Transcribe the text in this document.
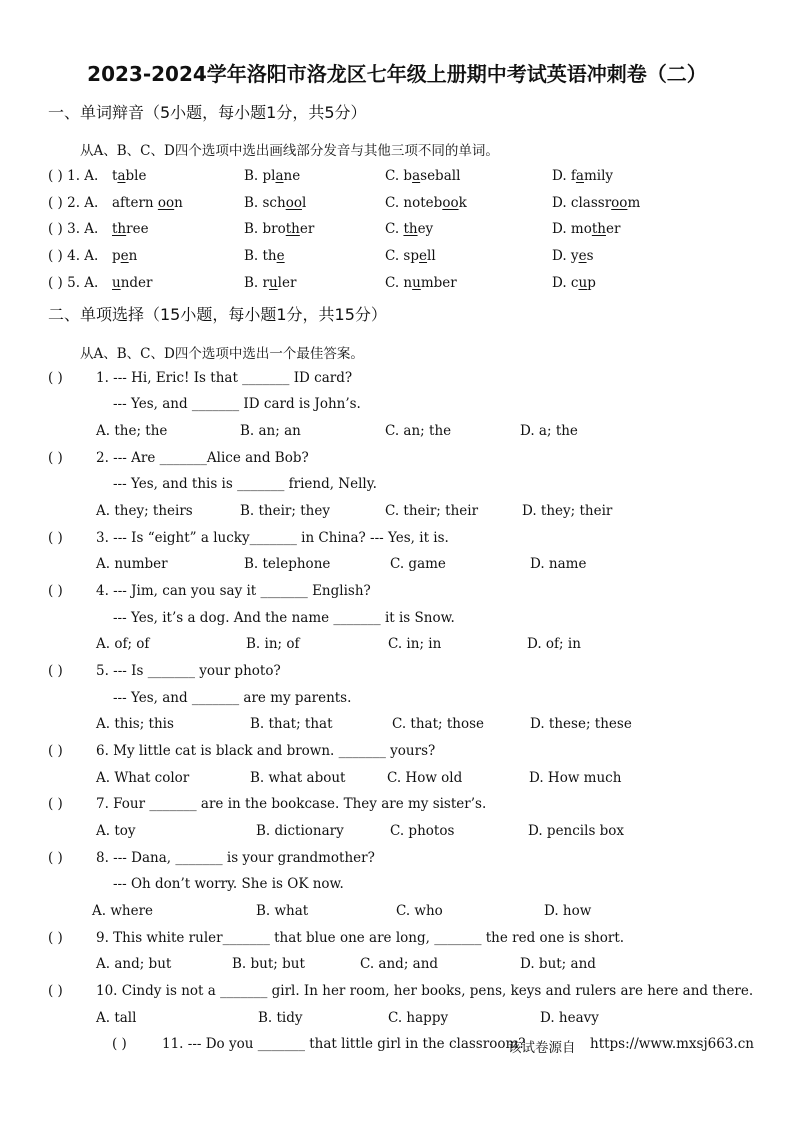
2023-2024学年洛阳市洛龙区七年级上册期中考试英语冲刺卷（二）
一、单词辩音（5小题，每小题1分，共5分）
从A、B、C、D四个选项中选出画线部分发音与其他三项不同的单词。
( ) 1. A. table	B. plane	C. baseball	D. family
( ) 2. A. aftern oon	B. school	C. notebook	D. classroom
( ) 3. A. three	B. brother	C. they	D. mother
( ) 4. A. pen	B. the	C. spell	D. yes
( ) 5. A. under	B. ruler	C. number	D. cup
二、单项选择（15小题，每小题1分，共15分）
从A、B、C、D四个选项中选出一个最佳答案。
( ) 1. --- Hi, Eric! Is that _______ ID card?
--- Yes, and _______ ID card is John’s.
A. the; the	B. an; an	C. an; the	D. a; the
( ) 2. --- Are _______Alice and Bob?
--- Yes, and this is _______ friend, Nelly.
A. they; theirs	B. their; they	C. their; their	D. they; their
( ) 3. --- Is “eight” a lucky_______ in China? --- Yes, it is.
A. number	B. telephone	C. game	D. name
( ) 4. --- Jim, can you say it _______ English?
--- Yes, it’s a dog. And the name _______ it is Snow.
A. of; of	B. in; of	C. in; in	D. of; in
( ) 5. --- Is _______ your photo?
--- Yes, and _______ are my parents.
A. this; this	B. that; that	C. that; those	D. these; these
( ) 6. My little cat is black and brown. _______ yours?
A. What color	B. what about	C. How old	D. How much
( ) 7. Four _______ are in the bookcase. They are my sister’s.
A. toy	B. dictionary	C. photos	D. pencils box
( ) 8. --- Dana, _______ is your grandmother?
--- Oh don’t worry. She is OK now.
A. where	B. what	C. who	D. how
( ) 9. This white ruler_______ that blue one are long, _______ the red one is short.
A. and; but	B. but; but	C. and; and	D. but; and
( ) 10. Cindy is not a _______ girl. In her room, her books, pens, keys and rulers are here and there.
A. tall	B. tidy	C. happy	D. heavy
( )	11. --- Do you _______ that little girl in the classroom?
该试卷源自 https://www.mxsj663.cn
